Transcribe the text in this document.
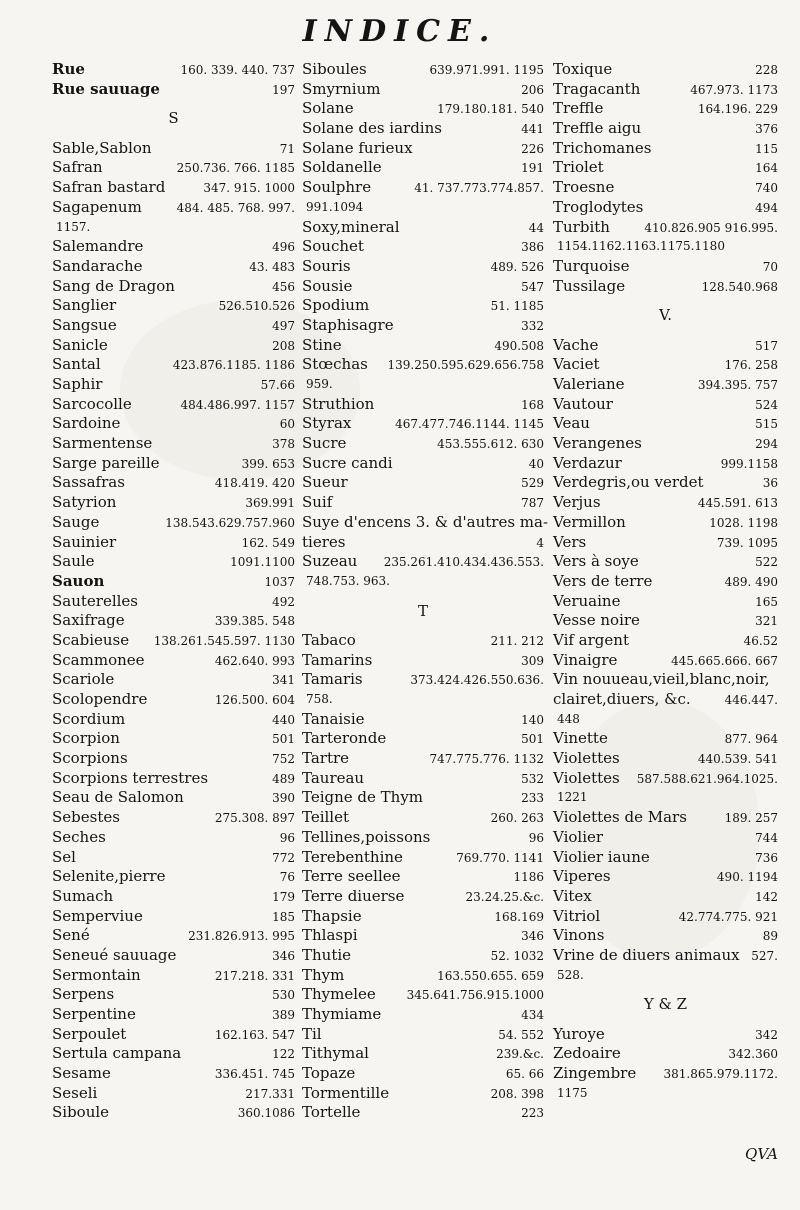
INDICE.
Rue	160. 339. 440. 737
Rue sauuage	197
S
Sable,Sablon	71
Safran	250.736. 766. 1185
Safran bastard	347. 915. 1000
Sagapenum	484. 485. 768. 997.
1157.
Salemandre	496
Sandarache	43. 483
Sang de Dragon	456
Sanglier	526.510.526
Sangsue	497
Sanicle	208
Santal	423.876.1185. 1186
Saphir	57.66
Sarcocolle	484.486.997. 1157
Sardoine	60
Sarmentense	378
Sarge pareille	399. 653
Sassafras	418.419. 420
Satyrion	369.991
Sauge	138.543.629.757.960
Sauinier	162. 549
Saule	1091.1100
Sauon	1037
Sauterelles	492
Saxifrage	339.385. 548
Scabieuse	138.261.545.597. 1130
Scammonee	462.640. 993
Scariole	341
Scolopendre	126.500. 604
Scordium	440
Scorpion	501
Scorpions	752
Scorpions terrestres	489
Seau de Salomon	390
Sebestes	275.308. 897
Seches	96
Sel	772
Selenite,pierre	76
Sumach	179
Semperviue	185
Sené	231.826.913. 995
Seneué sauuage	346
Sermontain	217.218. 331
Serpens	530
Serpentine	389
Serpoulet	162.163. 547
Sertula campana	122
Sesame	336.451. 745
Seseli	217.331
Siboule	360.1086
Siboules	639.971.991. 1195
Smyrnium	206
Solane	179.180.181. 540
Solane des iardins	441
Solane furieux	226
Soldanelle	191
Soulphre	41. 737.773.774.857.
991.1094
Soxy,mineral	44
Souchet	386
Souris	489. 526
Sousie	547
Spodium	51. 1185
Staphisagre	332
Stine	490.508
Stœchas	139.250.595.629.656.758
959.
Struthion	168
Styrax	467.477.746.1144. 1145
Sucre	453.555.612. 630
Sucre candi	40
Sueur	529
Suif	787
Suye d'encens 3. & d'autres ma-
tieres	4
Suzeau	235.261.410.434.436.553.
748.753. 963.
T
Tabaco	211. 212
Tamarins	309
Tamaris	373.424.426.550.636.
758.
Tanaisie	140
Tarteronde	501
Tartre	747.775.776. 1132
Taureau	532
Teigne de Thym	233
Teillet	260. 263
Tellines,poissons	96
Terebenthine	769.770. 1141
Terre seellee	1186
Terre diuerse	23.24.25.&c.
Thapsie	168.169
Thlaspi	346
Thutie	52. 1032
Thym	163.550.655. 659
Thymelee	345.641.756.915.1000
Thymiame	434
Til	54. 552
Tithymal	239.&c.
Topaze	65. 66
Tormentille	208. 398
Tortelle	223
Toxique	228
Tragacanth	467.973. 1173
Treffle	164.196. 229
Treffle aigu	376
Trichomanes	115
Triolet	164
Troesne	740
Troglodytes	494
Turbith	410.826.905 916.995.
1154.1162.1163.1175.1180
Turquoise	70
Tussilage	128.540.968
V.
Vache	517
Vaciet	176. 258
Valeriane	394.395. 757
Vautour	524
Veau	515
Verangenes	294
Verdazur	999.1158
Verdegris,ou verdet	36
Verjus	445.591. 613
Vermillon	1028. 1198
Vers	739. 1095
Vers à soye	522
Vers de terre	489. 490
Veruaine	165
Vesse noire	321
Vif argent	46.52
Vinaigre	445.665.666. 667
Vin nouueau,vieil,blanc,noir,
clairet,diuers, &c.	446.447.
448
Vinette	877. 964
Violettes	440.539. 541
Violettes	587.588.621.964.1025.
1221
Violettes de Mars	189. 257
Violier	744
Violier iaune	736
Viperes	490. 1194
Vitex	142
Vitriol	42.774.775. 921
Vinons	89
Vrine de diuers animaux 527.
528.
Y & Z
Yuroye	342
Zedoaire	342.360
Zingembre	381.865.979.1172.
1175
QVA
